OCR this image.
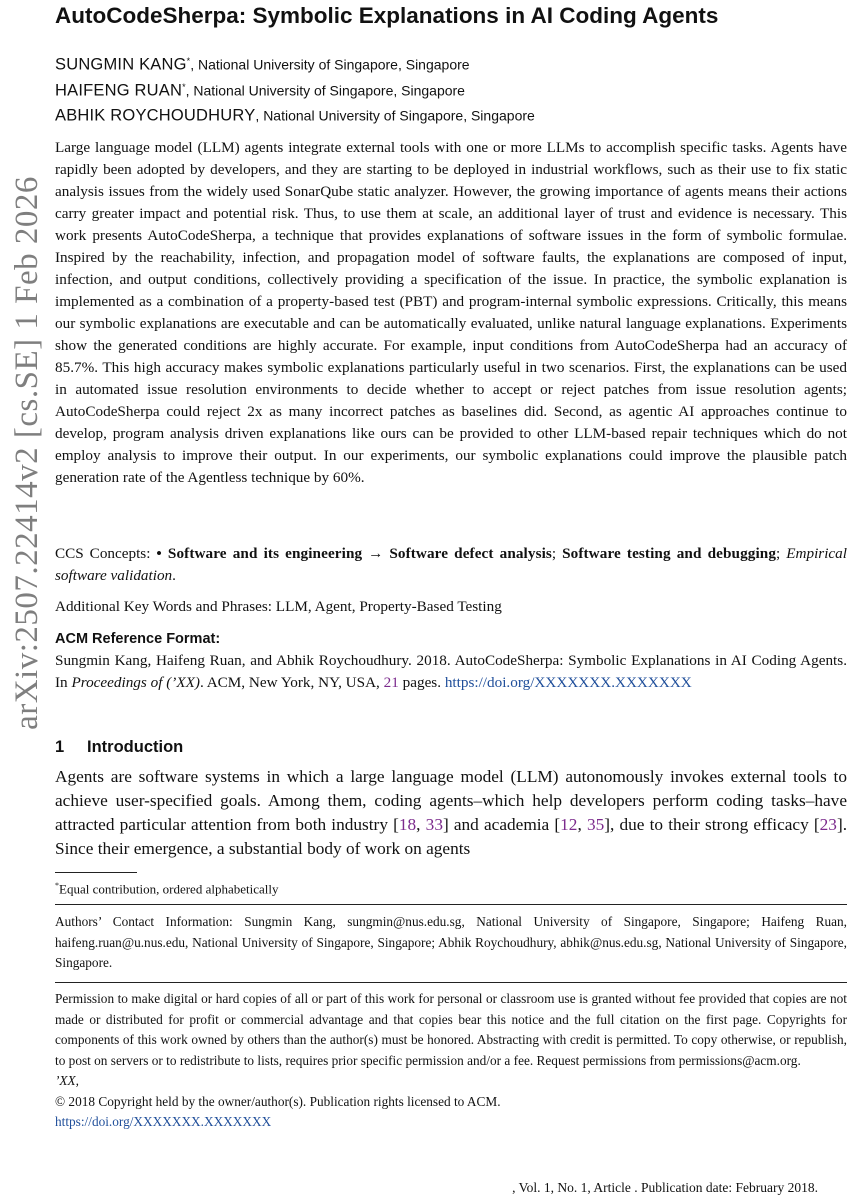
arXiv:2507.22414v2 [cs.SE] 1 Feb 2026
AutoCodeSherpa: Symbolic Explanations in AI Coding Agents
SUNGMIN KANG*, National University of Singapore, Singapore
HAIFENG RUAN*, National University of Singapore, Singapore
ABHIK ROYCHOUDHURY, National University of Singapore, Singapore
Large language model (LLM) agents integrate external tools with one or more LLMs to accomplish specific tasks. Agents have rapidly been adopted by developers, and they are starting to be deployed in industrial workflows, such as their use to fix static analysis issues from the widely used SonarQube static analyzer. However, the growing importance of agents means their actions carry greater impact and potential risk. Thus, to use them at scale, an additional layer of trust and evidence is necessary. This work presents AutoCodeSherpa, a technique that provides explanations of software issues in the form of symbolic formulae. Inspired by the reachability, infection, and propagation model of software faults, the explanations are composed of input, infection, and output conditions, collectively providing a specification of the issue. In practice, the symbolic explanation is implemented as a combination of a property-based test (PBT) and program-internal symbolic expressions. Critically, this means our symbolic explanations are executable and can be automatically evaluated, unlike natural language explanations. Experiments show the generated conditions are highly accurate. For example, input conditions from AutoCodeSherpa had an accuracy of 85.7%. This high accuracy makes symbolic explanations particularly useful in two scenarios. First, the explanations can be used in automated issue resolution environments to decide whether to accept or reject patches from issue resolution agents; AutoCodeSherpa could reject 2x as many incorrect patches as baselines did. Second, as agentic AI approaches continue to develop, program analysis driven explanations like ours can be provided to other LLM-based repair techniques which do not employ analysis to improve their output. In our experiments, our symbolic explanations could improve the plausible patch generation rate of the Agentless technique by 60%.
CCS Concepts: • Software and its engineering → Software defect analysis; Software testing and debugging; Empirical software validation.
Additional Key Words and Phrases: LLM, Agent, Property-Based Testing
ACM Reference Format:
Sungmin Kang, Haifeng Ruan, and Abhik Roychoudhury. 2018. AutoCodeSherpa: Symbolic Explanations in AI Coding Agents. In Proceedings of (’XX). ACM, New York, NY, USA, 21 pages. https://doi.org/XXXXXXX.XXXXXXX
1 Introduction
Agents are software systems in which a large language model (LLM) autonomously invokes external tools to achieve user-specified goals. Among them, coding agents–which help developers perform coding tasks–have attracted particular attention from both industry [18, 33] and academia [12, 35], due to their strong efficacy [23]. Since their emergence, a substantial body of work on agents
*Equal contribution, ordered alphabetically
Authors’ Contact Information: Sungmin Kang, sungmin@nus.edu.sg, National University of Singapore, Singapore; Haifeng Ruan, haifeng.ruan@u.nus.edu, National University of Singapore, Singapore; Abhik Roychoudhury, abhik@nus.edu.sg, National University of Singapore, Singapore.
Permission to make digital or hard copies of all or part of this work for personal or classroom use is granted without fee provided that copies are not made or distributed for profit or commercial advantage and that copies bear this notice and the full citation on the first page. Copyrights for components of this work owned by others than the author(s) must be honored. Abstracting with credit is permitted. To copy otherwise, or republish, to post on servers or to redistribute to lists, requires prior specific permission and/or a fee. Request permissions from permissions@acm.org.
’XX,
© 2018 Copyright held by the owner/author(s). Publication rights licensed to ACM.
https://doi.org/XXXXXXX.XXXXXXX
, Vol. 1, No. 1, Article . Publication date: February 2018.
